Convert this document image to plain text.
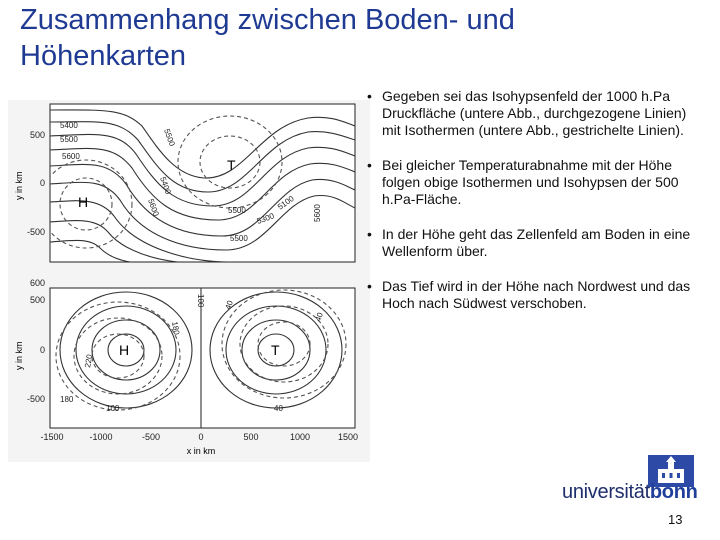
Zusammenhang zwischen Boden- und Höhenkarten
T
H
5400
5500
5600
5500
5400
5600	5500
5300
5100
5500
5600
500
0
-500
y in km
H	T
100
180
40
220
180
100
40
40
600
500
0
-500
y in km
-1500	-1000	-500	0	500	1000	1500
x in km
• Gegeben sei das Isohypsenfeld der 1000 h.Pa Druckfläche (untere Abb., durchgezogene Linien) mit Isothermen (untere Abb., gestrichelte Linien).
• Bei gleicher Temperaturabnahme mit der Höhe folgen obige Isothermen und Isohypsen der 500 h.Pa-Fläche.
• In der Höhe geht das Zellenfeld am Boden in eine Wellenform über.
• Das Tief wird in der Höhe nach Nordwest und das Hoch nach Südwest verschoben.
universitätbonn
13
